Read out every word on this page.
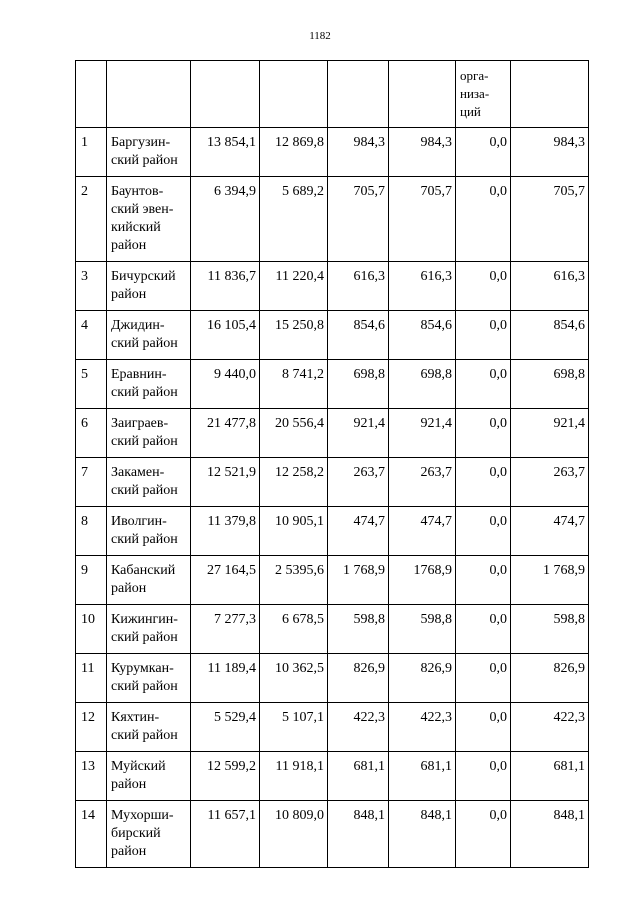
1182
						орга-
низа-
ций	
1	Баргузин-
ский район	13 854,1	12 869,8	984,3	984,3	0,0	984,3
2	Баунтов-
ский эвен-
кийский
район	6 394,9	5 689,2	705,7	705,7	0,0	705,7
3	Бичурский
район	11 836,7	11 220,4	616,3	616,3	0,0	616,3
4	Джидин-
ский район	16 105,4	15 250,8	854,6	854,6	0,0	854,6
5	Еравнин-
ский район	9 440,0	8 741,2	698,8	698,8	0,0	698,8
6	Заиграев-
ский район	21 477,8	20 556,4	921,4	921,4	0,0	921,4
7	Закамен-
ский район	12 521,9	12 258,2	263,7	263,7	0,0	263,7
8	Иволгин-
ский район	11 379,8	10 905,1	474,7	474,7	0,0	474,7
9	Кабанский
район	27 164,5	2 5395,6	1 768,9	1768,9	0,0	1 768,9
10	Кижингин-
ский район	7 277,3	6 678,5	598,8	598,8	0,0	598,8
11	Курумкан-
ский район	11 189,4	10 362,5	826,9	826,9	0,0	826,9
12	Кяхтин-
ский район	5 529,4	5 107,1	422,3	422,3	0,0	422,3
13	Муйский
район	12 599,2	11 918,1	681,1	681,1	0,0	681,1
14	Мухорши-
бирский
район	11 657,1	10 809,0	848,1	848,1	0,0	848,1
